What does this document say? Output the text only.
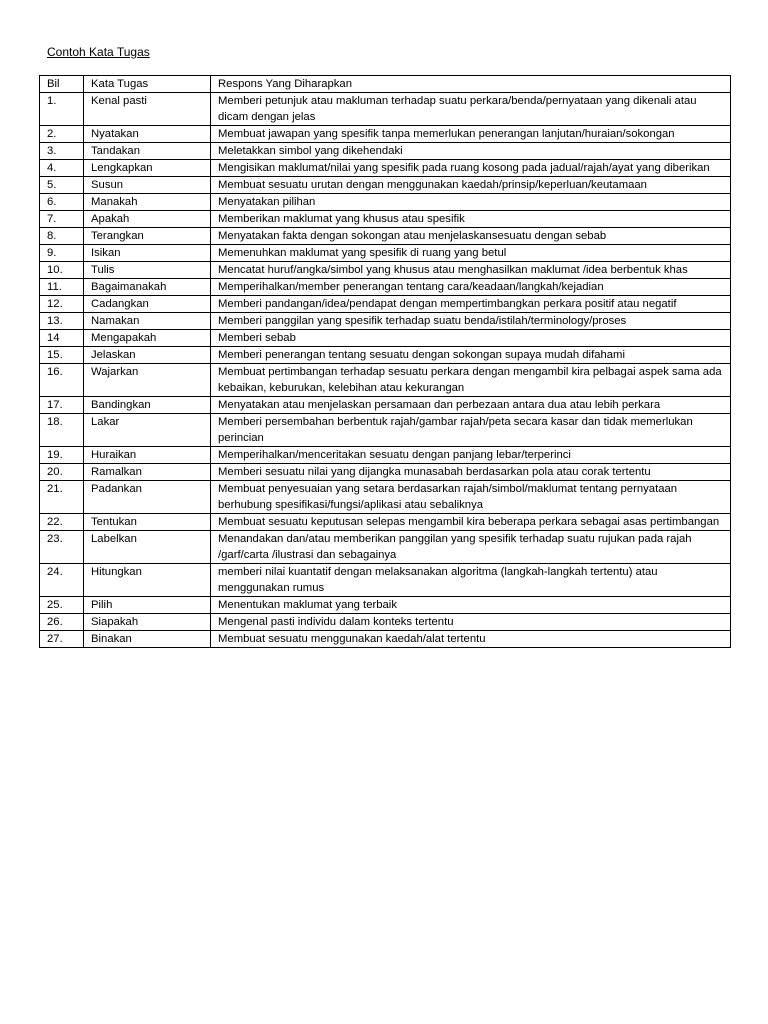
Contoh Kata Tugas
Bil	Kata Tugas	Respons Yang Diharapkan
1.	Kenal pasti	Memberi petunjuk atau makluman terhadap suatu perkara/benda/pernyataan yang dikenali atau dicam dengan jelas
2.	Nyatakan	Membuat jawapan yang spesifik tanpa memerlukan penerangan lanjutan/huraian/sokongan
3.	Tandakan	Meletakkan simbol yang dikehendaki
4.	Lengkapkan	Mengisikan maklumat/nilai yang spesifik pada ruang kosong pada jadual/rajah/ayat yang diberikan
5.	Susun	Membuat sesuatu urutan dengan menggunakan kaedah/prinsip/keperluan/keutamaan
6.	Manakah	Menyatakan pilihan
7.	Apakah	Memberikan maklumat yang khusus atau spesifik
8.	Terangkan	Menyatakan fakta dengan sokongan atau menjelaskansesuatu dengan sebab
9.	Isikan	Memenuhkan maklumat yang spesifik di ruang yang betul
10.	Tulis	Mencatat huruf/angka/simbol yang khusus atau menghasilkan maklumat /idea berbentuk khas
11.	Bagaimanakah	Memperihalkan/member penerangan tentang cara/keadaan/langkah/kejadian
12.	Cadangkan	Memberi pandangan/idea/pendapat dengan mempertimbangkan perkara positif atau negatif
13.	Namakan	Memberi panggilan yang spesifik terhadap suatu benda/istilah/terminology/proses
14	Mengapakah	Memberi sebab
15.	Jelaskan	Memberi penerangan tentang sesuatu dengan sokongan supaya mudah difahami
16.	Wajarkan	Membuat pertimbangan terhadap sesuatu perkara dengan mengambil kira pelbagai aspek sama ada kebaikan, keburukan, kelebihan atau kekurangan
17.	Bandingkan	Menyatakan atau menjelaskan persamaan dan perbezaan antara dua atau lebih perkara
18.	Lakar	Memberi persembahan berbentuk rajah/gambar rajah/peta secara kasar dan tidak memerlukan perincian
19.	Huraikan	Memperihalkan/menceritakan sesuatu dengan panjang lebar/terperinci
20.	Ramalkan	Memberi sesuatu nilai yang dijangka munasabah berdasarkan pola atau corak tertentu
21.	Padankan	Membuat penyesuaian yang setara berdasarkan rajah/simbol/maklumat tentang pernyataan berhubung spesifikasi/fungsi/aplikasi atau sebaliknya
22.	Tentukan	Membuat sesuatu keputusan selepas mengambil kira beberapa perkara sebagai asas pertimbangan
23.	Labelkan	Menandakan dan/atau memberikan panggilan yang spesifik terhadap suatu rujukan pada rajah /garf/carta /ilustrasi dan sebagainya
24.	Hitungkan	memberi nilai kuantatif dengan melaksanakan algoritma (langkah-langkah tertentu) atau menggunakan rumus
25.	Pilih	Menentukan maklumat yang terbaik
26.	Siapakah	Mengenal pasti individu dalam konteks tertentu
27.	Binakan	Membuat sesuatu menggunakan kaedah/alat tertentu
